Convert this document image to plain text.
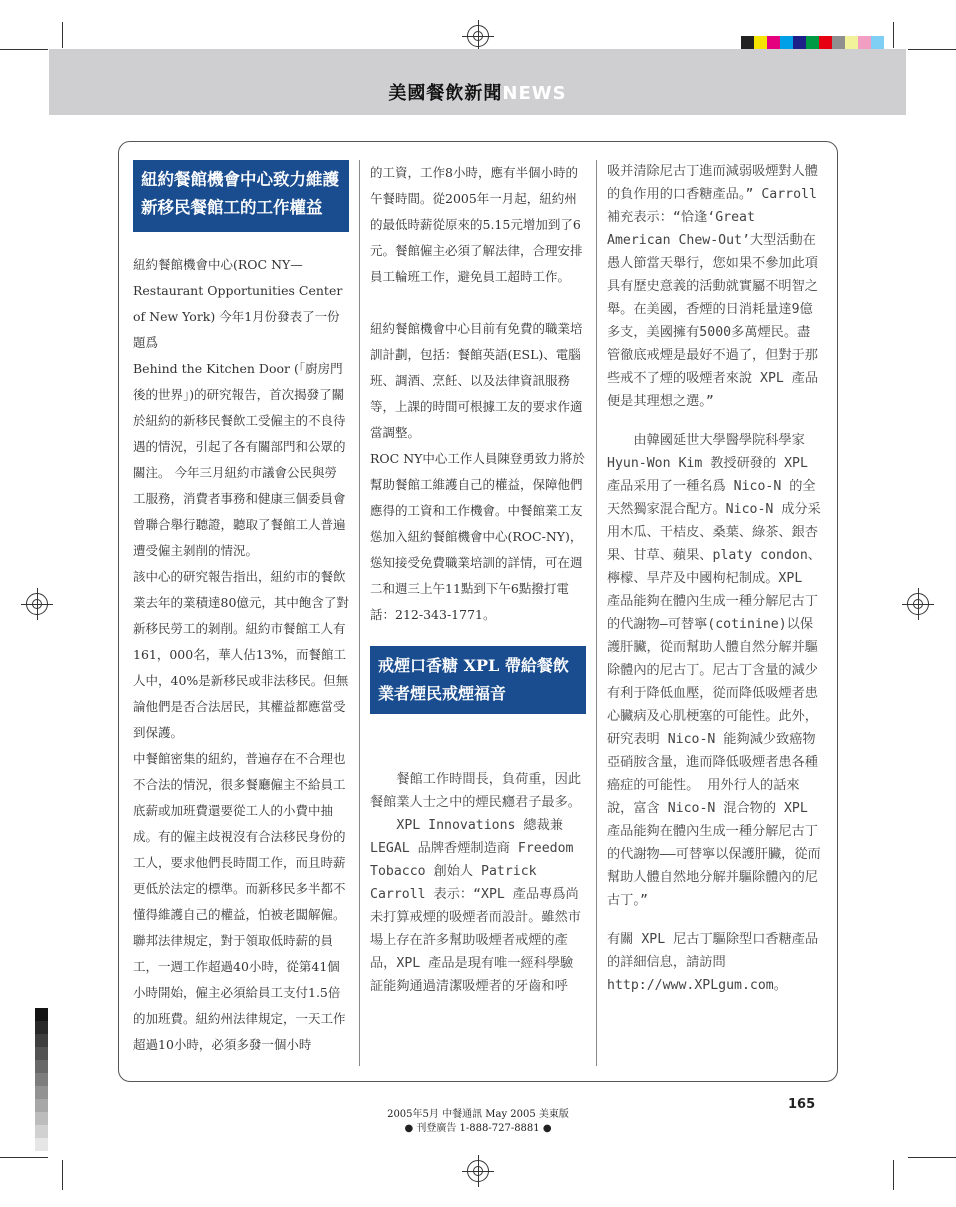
美國餐飲新聞NEWS
紐約餐館機會中心致力維護新移民餐館工的工作權益

紐約餐館機會中心(ROC NY—Restaurant Opportunities Center of New York) 今年1月份發表了一份題爲

Behind the Kitchen Door (「廚房門後的世界」)的研究報告，首次揭發了關於紐約的新移民餐飲工受僱主的不良待遇的情況，引起了各有關部門和公眾的關注。 今年三月紐約市議會公民與勞工服務，消費者事務和健康三個委員會曾聯合舉行聽證，聽取了餐館工人普遍遭受僱主剝削的情況。

該中心的研究報告指出，紐約市的餐飲業去年的業積達80億元，其中飽含了對新移民勞工的剝削。紐約市餐館工人有161，000名，華人佔13%，而餐館工人中，40%是新移民或非法移民。但無論他們是否合法居民，其權益都應當受到保護。

中餐館密集的紐約，普遍存在不合理也不合法的情況，很多餐廳僱主不給員工底薪或加班費還要從工人的小費中抽成。有的僱主歧視沒有合法移民身份的工人，要求他們長時間工作，而且時薪更低於法定的標準。而新移民多半都不懂得維護自己的權益，怕被老闆解僱。

聯邦法律規定，對于領取低時薪的員工，一週工作超過40小時，從第41個小時開始，僱主必須給員工支付1.5倍的加班費。紐約州法律規定，一天工作超過10小時，必須多發一個小時

的工資，工作8小時，應有半個小時的午餐時間。從2005年一月起，紐約州的最低時薪從原來的5.15元增加到了6元。餐館僱主必須了解法律，合理安排員工輪班工作，避免員工超時工作。

紐約餐館機會中心目前有免費的職業培訓計劃，包括：餐館英語(ESL)、電腦班、調酒、烹飪、以及法律資訊服務等，上課的時間可根據工友的要求作適當調整。

ROC NY中心工作人員陳登勇致力將於幫助餐館工維護自己的權益，保障他們應得的工資和工作機會。中餐館業工友慫加入紐約餐館機會中心(ROC-NY)，慫知接受免費職業培訓的詳情，可在週二和週三上午11點到下午6點撥打電話：212-343-1771。

戒煙口香糖 XPL 帶給餐飲業者煙民戒煙福音

餐館工作時間長，負荷重，因此餐館業人士之中的煙民癮君子最多。

XPL Innovations 總裁兼 LEGAL 品牌香煙制造商 Freedom Tobacco 創始人 Patrick Carroll 表示：“XPL 產品專爲尚未打算戒煙的吸煙者而設計。雖然市場上存在許多幫助吸煙者戒煙的產品，XPL 產品是現有唯一經科學驗証能夠通過清潔吸煙者的牙齒和呼

吸并清除尼古丁進而減弱吸煙對人體的負作用的口香糖產品。” Carroll 補充表示：“恰逢‘Great American Chew-Out’大型活動在愚人節當天舉行，您如果不參加此項具有歷史意義的活動就實屬不明智之舉。在美國，香煙的日消耗量達9億多支，美國擁有5000多萬煙民。盡管徹底戒煙是最好不過了，但對于那些戒不了煙的吸煙者來說 XPL 產品便是其理想之選。”

由韓國延世大學醫學院科學家 Hyun-Won Kim 教授研發的 XPL 產品采用了一種名爲 Nico-N 的全天然獨家混合配方。Nico-N 成分采用木瓜、干桔皮、桑葉、綠茶、銀杏果、甘草、蘋果、platy condon、檸檬、旱芹及中國枸杞制成。XPL 產品能夠在體內生成一種分解尼古丁的代謝物—可替寧(cotinine)以保護肝臟，從而幫助人體自然分解并驅除體內的尼古丁。尼古丁含量的減少有利于降低血壓，從而降低吸煙者患心臟病及心肌梗塞的可能性。此外，研究表明 Nico-N 能夠減少致癌物亞硝胺含量，進而降低吸煙者患各種癌症的可能性。 用外行人的話來說，富含 Nico-N 混合物的 XPL 產品能夠在體內生成一種分解尼古丁的代謝物——可替寧以保護肝臟，從而幫助人體自然地分解并驅除體內的尼古丁。”

有關 XPL 尼古丁驅除型口香糖產品的詳細信息，請訪問 http://www.XPLgum.com。

2005年5月 中餐通訊 May 2005 美東版
● 刊登廣告 1-888-727-8881 ●
165
